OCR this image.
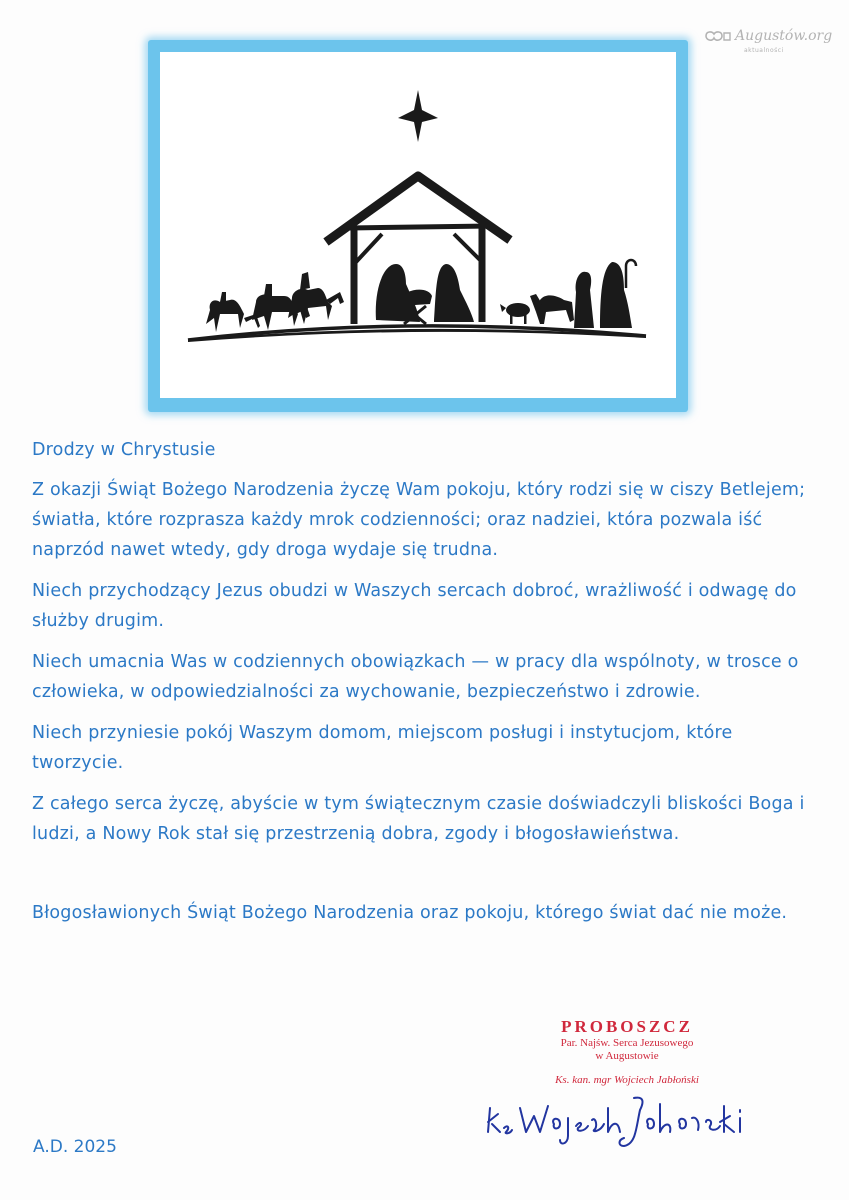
Augustów.org
aktualności

Drodzy w Chrystusie

Z okazji Świąt Bożego Narodzenia życzę Wam pokoju, który rodzi się w ciszy Betlejem; światła, które rozprasza każdy mrok codzienności; oraz nadziei, która pozwala iść naprzód nawet wtedy, gdy droga wydaje się trudna.

Niech przychodzący Jezus obudzi w Waszych sercach dobroć, wrażliwość i odwagę do służby drugim.

Niech umacnia Was w codziennych obowiązkach — w pracy dla wspólnoty, w trosce o człowieka, w odpowiedzialności za wychowanie, bezpieczeństwo i zdrowie.

Niech przyniesie pokój Waszym domom, miejscom posługi i instytucjom, które tworzycie.

Z całego serca życzę, abyście w tym świątecznym czasie doświadczyli bliskości Boga i ludzi, a Nowy Rok stał się przestrzenią dobra, zgody i błogosławieństwa.

Błogosławionych Świąt Bożego Narodzenia oraz pokoju, którego świat dać nie może.

PROBOSZCZ
Par. Najśw. Serca Jezusowego
w Augustowie
Ks. kan. mgr Wojciech Jabłoński
A.D. 2025
